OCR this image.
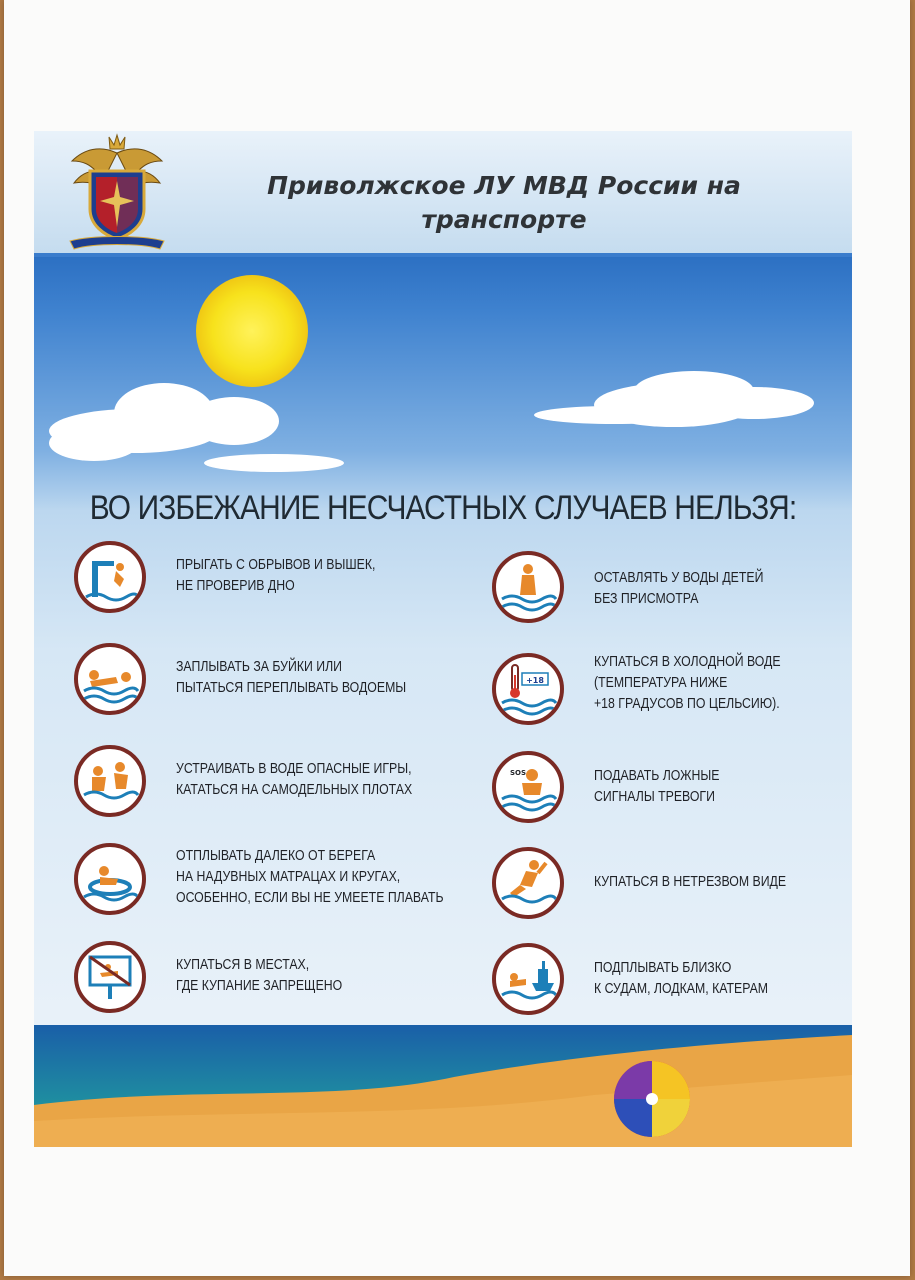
Приволжское ЛУ МВД России на
транспорте
ВО ИЗБЕЖАНИЕ НЕСЧАСТНЫХ СЛУЧАЕВ НЕЛЬЗЯ:
ПРЫГАТЬ С ОБРЫВОВ И ВЫШЕК,
НЕ ПРОВЕРИВ ДНО
ЗАПЛЫВАТЬ ЗА БУЙКИ ИЛИ
ПЫТАТЬСЯ ПЕРЕПЛЫВАТЬ ВОДОЕМЫ
УСТРАИВАТЬ В ВОДЕ ОПАСНЫЕ ИГРЫ,
КАТАТЬСЯ НА САМОДЕЛЬНЫХ ПЛОТАХ
ОТПЛЫВАТЬ ДАЛЕКО ОТ БЕРЕГА
НА НАДУВНЫХ МАТРАЦАХ И КРУГАХ,
ОСОБЕННО, ЕСЛИ ВЫ НЕ УМЕЕТЕ ПЛАВАТЬ
КУПАТЬСЯ В МЕСТАХ,
ГДЕ КУПАНИЕ ЗАПРЕЩЕНО
ОСТАВЛЯТЬ У ВОДЫ ДЕТЕЙ
БЕЗ ПРИСМОТРА
+18
КУПАТЬСЯ В ХОЛОДНОЙ ВОДЕ
(ТЕМПЕРАТУРА НИЖЕ
+18 ГРАДУСОВ ПО ЦЕЛЬСИЮ).
SOS	ПОДАВАТЬ ЛОЖНЫЕ
СИГНАЛЫ ТРЕВОГИ
КУПАТЬСЯ В НЕТРЕЗВОМ ВИДЕ
ПОДПЛЫВАТЬ БЛИЗКО
К СУДАМ, ЛОДКАМ, КАТЕРАМ
